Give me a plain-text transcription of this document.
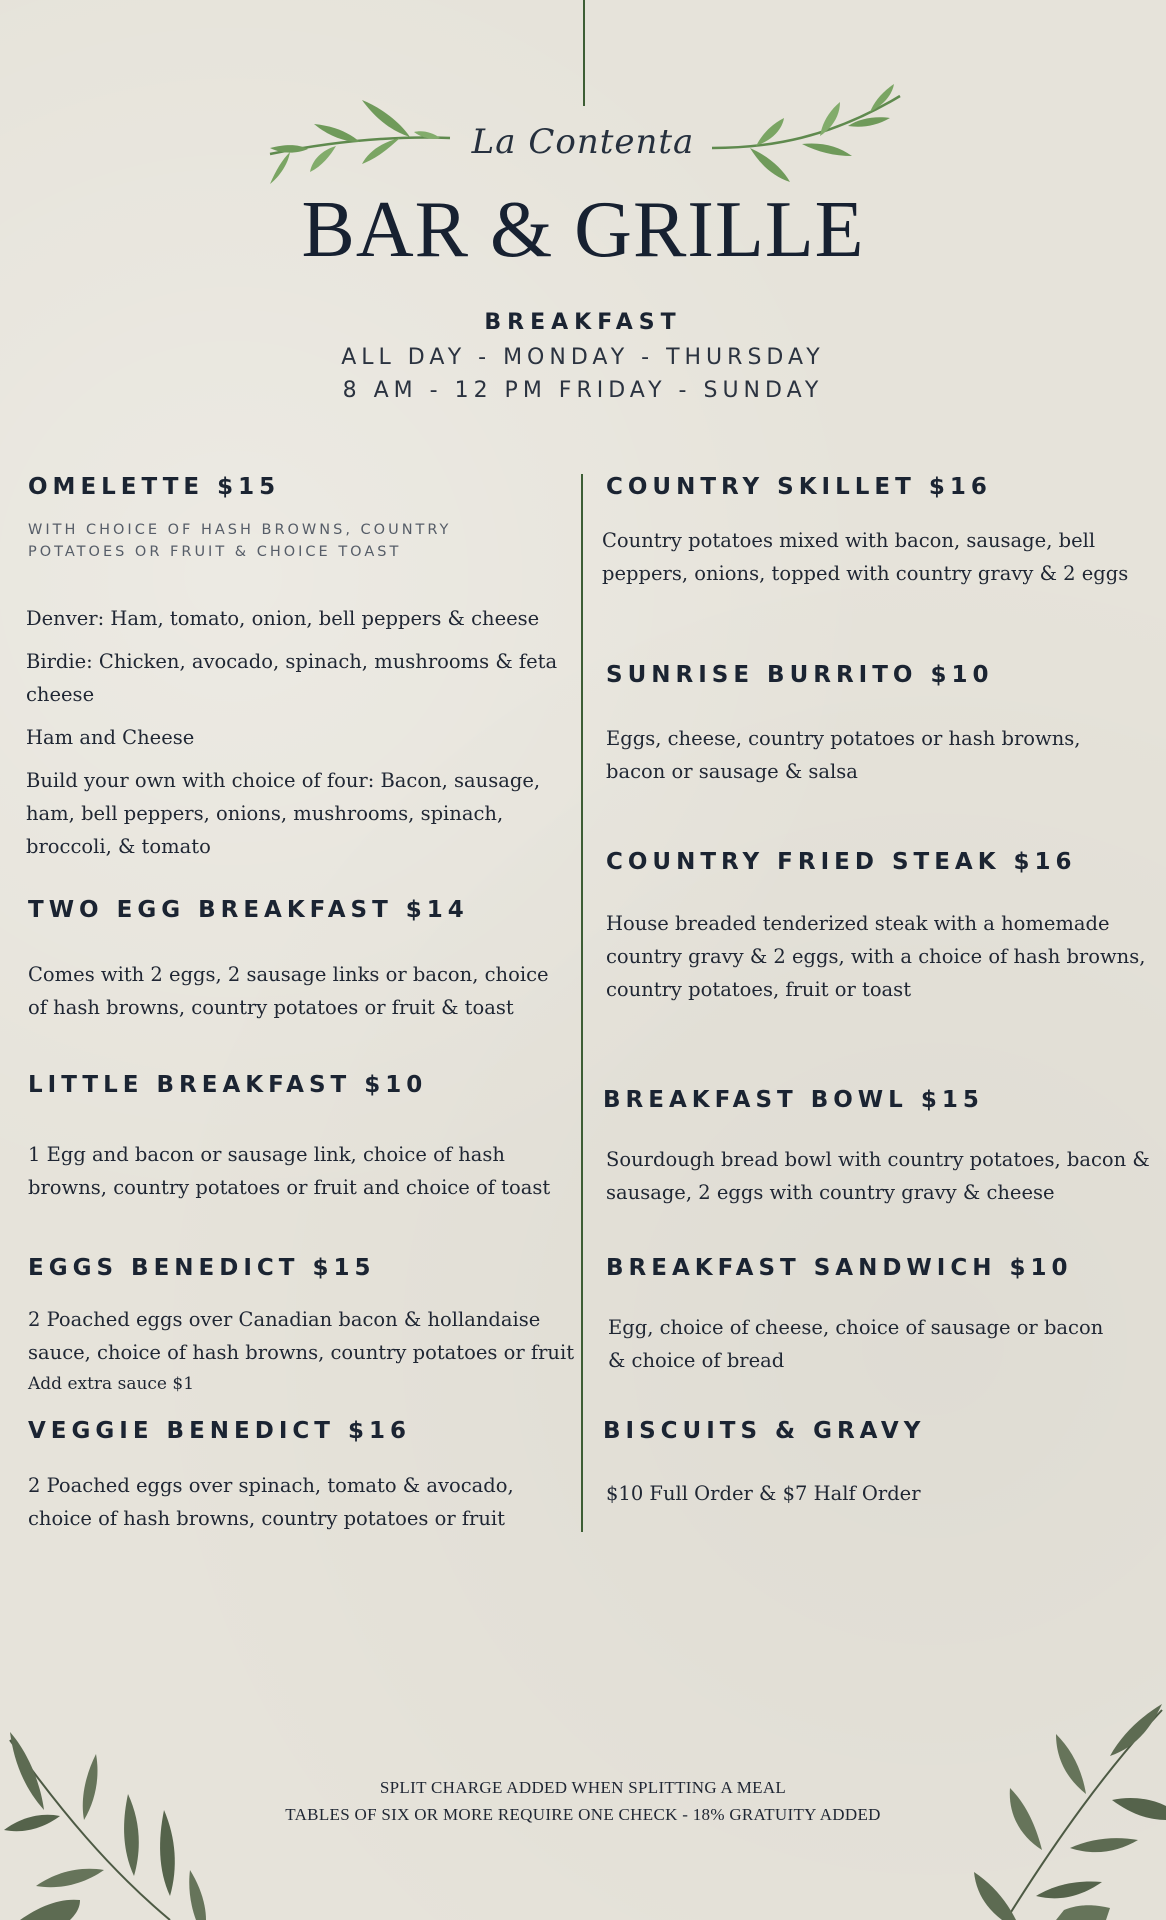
La Contenta
BAR & GRILLE
BREAKFAST
ALL DAY - MONDAY - THURSDAY
8 AM - 12 PM FRIDAY - SUNDAY
OMELETTE $15
WITH CHOICE OF HASH BROWNS, COUNTRY
POTATOES OR FRUIT & CHOICE TOAST
Denver: Ham, tomato, onion, bell peppers & cheese
Birdie: Chicken, avocado, spinach, mushrooms & feta
cheese
Ham and Cheese
Build your own with choice of four: Bacon, sausage,
ham, bell peppers, onions, mushrooms, spinach,
broccoli, & tomato
TWO EGG BREAKFAST $14
Comes with 2 eggs, 2 sausage links or bacon, choice
of hash browns, country potatoes or fruit & toast
LITTLE BREAKFAST $10
1 Egg and bacon or sausage link, choice of hash
browns, country potatoes or fruit and choice of toast
EGGS BENEDICT $15
2 Poached eggs over Canadian bacon & hollandaise
sauce, choice of hash browns, country potatoes or fruit
Add extra sauce $1
VEGGIE BENEDICT $16
2 Poached eggs over spinach, tomato & avocado,
choice of hash browns, country potatoes or fruit
COUNTRY SKILLET $16
Country potatoes mixed with bacon, sausage, bell
peppers, onions, topped with country gravy & 2 eggs
SUNRISE BURRITO $10
Eggs, cheese, country potatoes or hash browns,
bacon or sausage & salsa
COUNTRY FRIED STEAK $16
House breaded tenderized steak with a homemade
country gravy & 2 eggs, with a choice of hash browns,
country potatoes, fruit or toast
BREAKFAST BOWL $15
Sourdough bread bowl with country potatoes, bacon &
sausage, 2 eggs with country gravy & cheese
BREAKFAST SANDWICH $10
Egg, choice of cheese, choice of sausage or bacon
& choice of bread
BISCUITS & GRAVY
$10 Full Order & $7 Half Order
SPLIT CHARGE ADDED WHEN SPLITTING A MEAL
TABLES OF SIX OR MORE REQUIRE ONE CHECK - 18% GRATUITY ADDED
